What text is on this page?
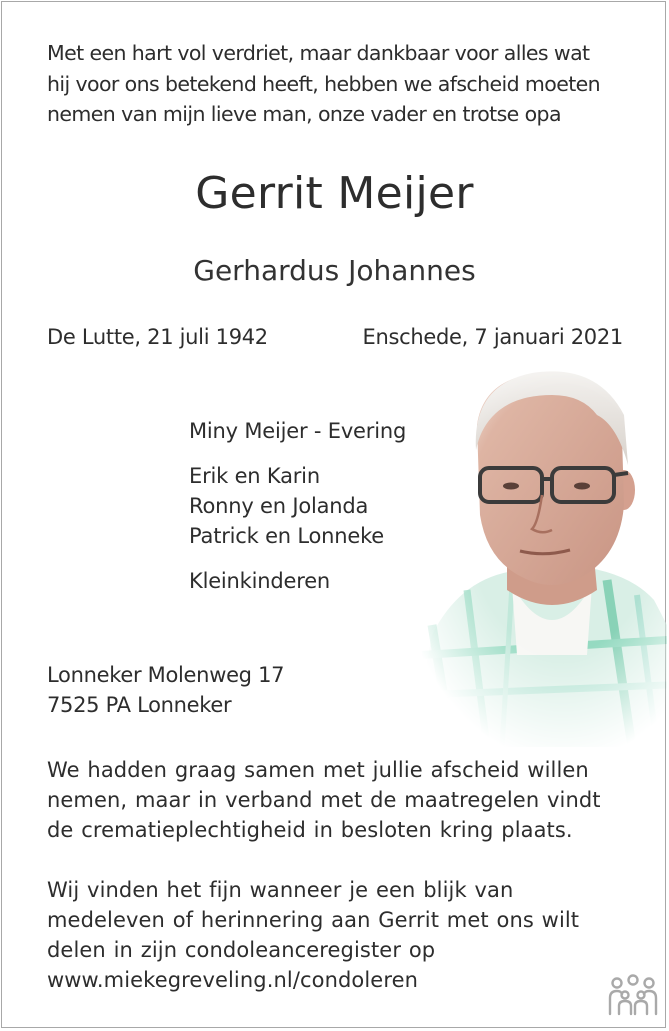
Met een hart vol verdriet, maar dankbaar voor alles wat
hij voor ons betekend heeft, hebben we afscheid moeten
nemen van mijn lieve man, onze vader en trotse opa
Gerrit Meijer
Gerhardus Johannes
De Lutte, 21 juli 1942	Enschede, 7 januari 2021
Miny Meijer - Evering
Erik en Karin
Ronny en Jolanda
Patrick en Lonneke
Kleinkinderen
Lonneker Molenweg 17
7525 PA Lonneker
We hadden graag samen met jullie afscheid willen
nemen, maar in verband met de maatregelen vindt
de crematieplechtigheid in besloten kring plaats.
Wij vinden het fijn wanneer je een blijk van
medeleven of herinnering aan Gerrit met ons wilt
delen in zijn condoleanceregister op
www.miekegreveling.nl/condoleren
